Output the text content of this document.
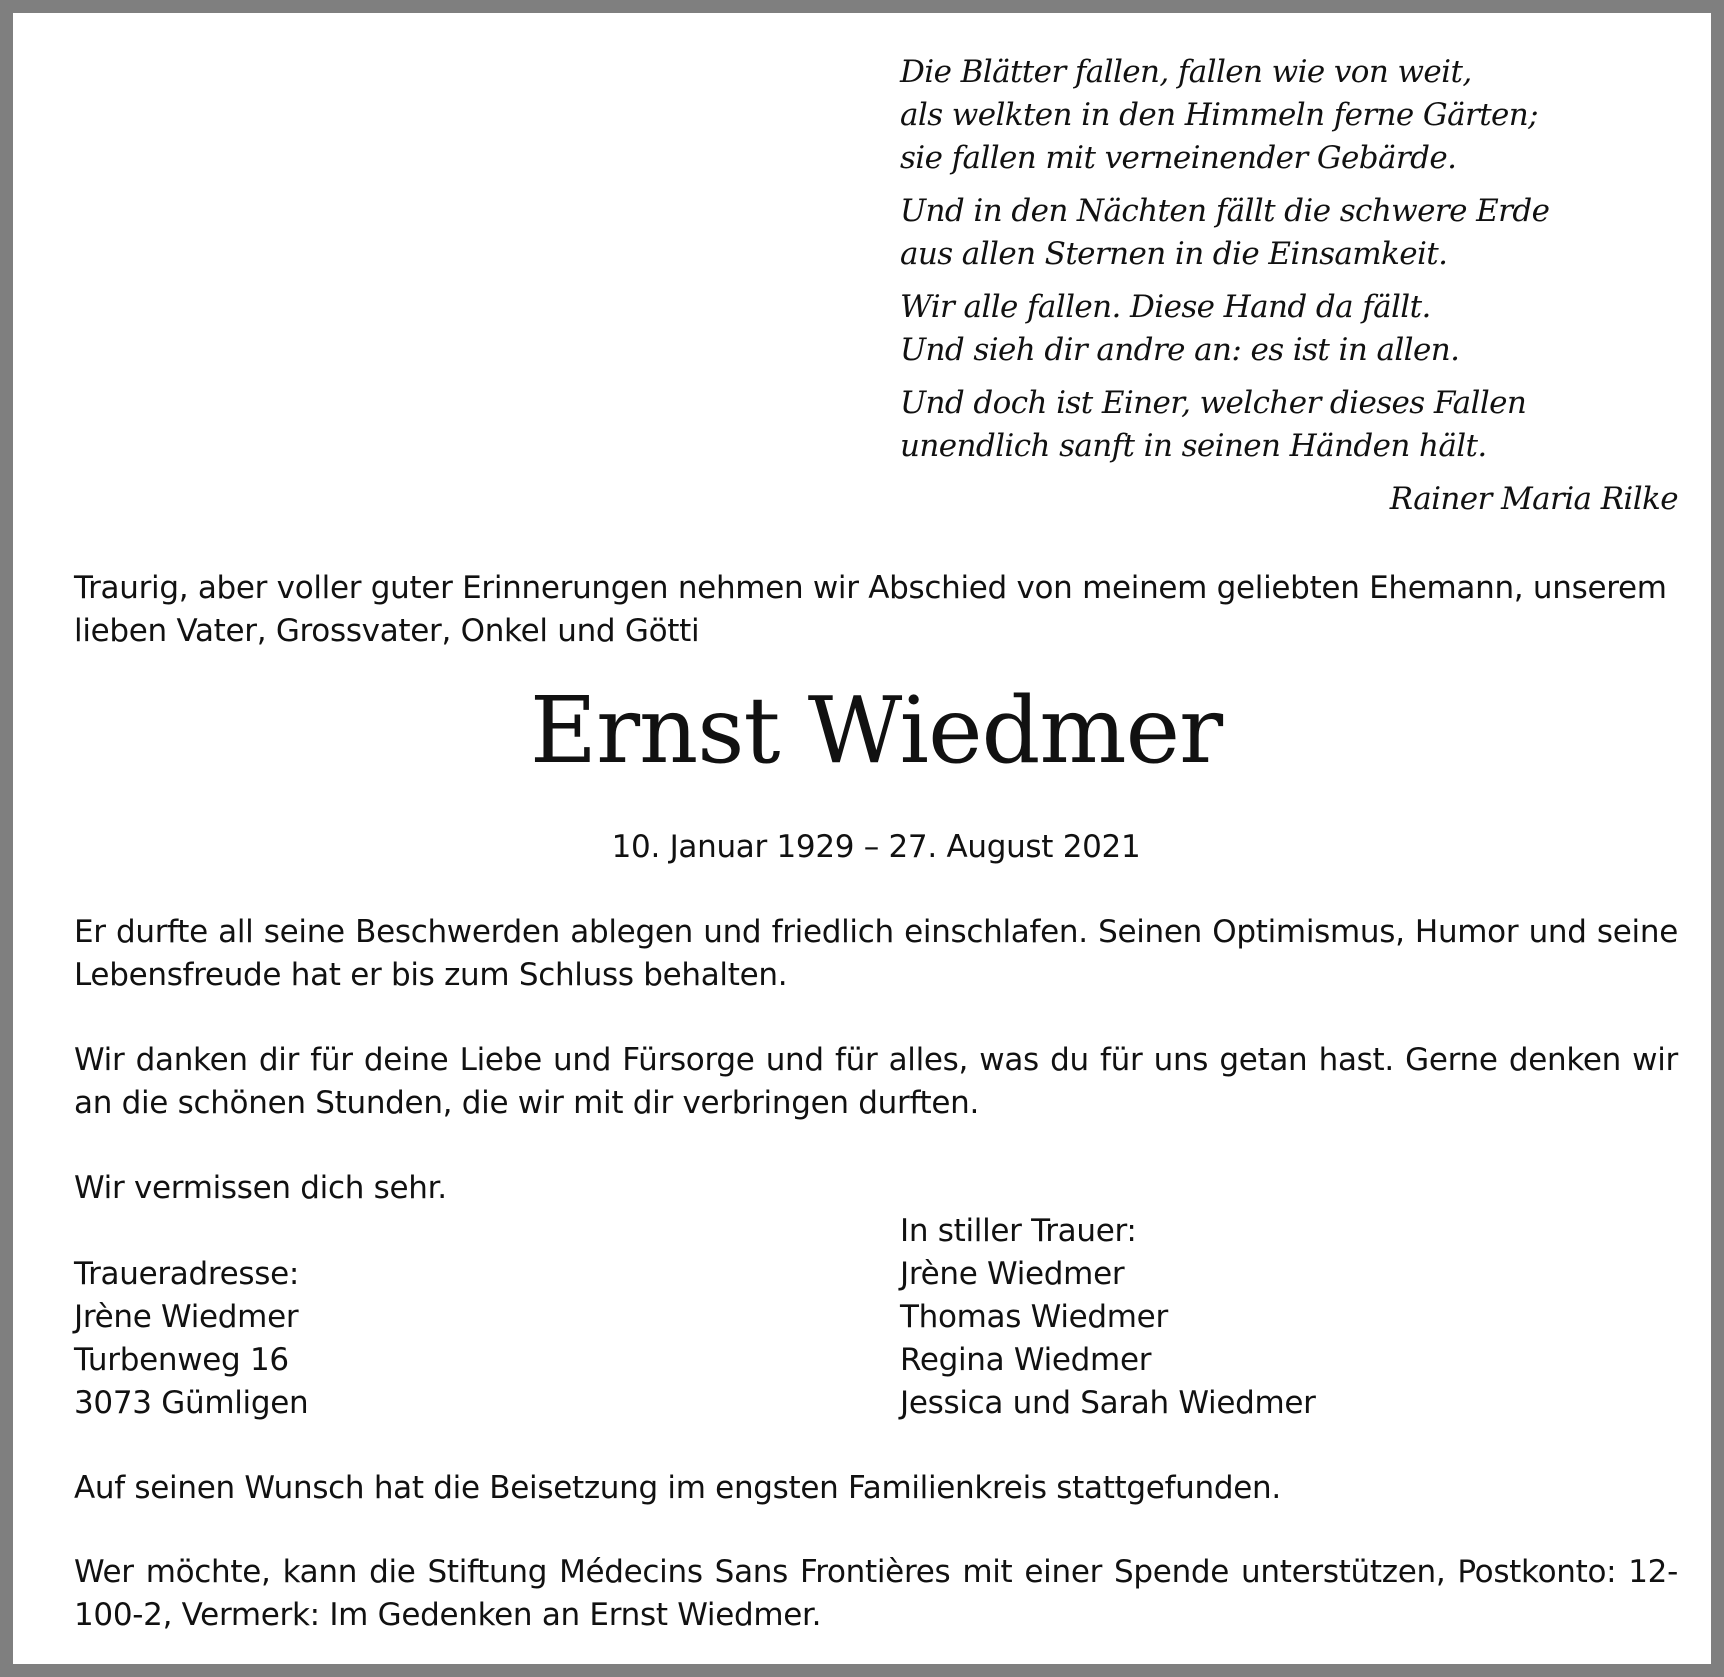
Die Blätter fallen, fallen wie von weit,
als welkten in den Himmeln ferne Gärten;
sie fallen mit verneinender Gebärde.
Und in den Nächten fällt die schwere Erde
aus allen Sternen in die Einsamkeit.
Wir alle fallen. Diese Hand da fällt.
Und sieh dir andre an: es ist in allen.
Und doch ist Einer, welcher dieses Fallen
unendlich sanft in seinen Händen hält.
Rainer Maria Rilke
Traurig, aber voller guter Erinnerungen nehmen wir Abschied von meinem geliebten Ehemann, unserem lieben Vater, Grossvater, Onkel und Götti
Ernst Wiedmer
10. Januar 1929 – 27. August 2021

Er durfte all seine Beschwerden ablegen und friedlich einschlafen. Seinen Optimismus, Humor und seine Lebensfreude hat er bis zum Schluss behalten.

Wir danken dir für deine Liebe und Fürsorge und für alles, was du für uns getan hast. Gerne denken wir an die schönen Stunden, die wir mit dir verbringen durften.

Wir vermissen dich sehr.

Traueradresse:
Jrène Wiedmer
Turbenweg 16
3073 Gümligen
In stiller Trauer:
Jrène Wiedmer
Thomas Wiedmer
Regina Wiedmer
Jessica und Sarah Wiedmer

Auf seinen Wunsch hat die Beisetzung im engsten Familienkreis stattgefunden.

Wer möchte, kann die Stiftung Médecins Sans Frontières mit einer Spende unterstützen, Postkonto: 12-100-2, Vermerk: Im Gedenken an Ernst Wiedmer.
